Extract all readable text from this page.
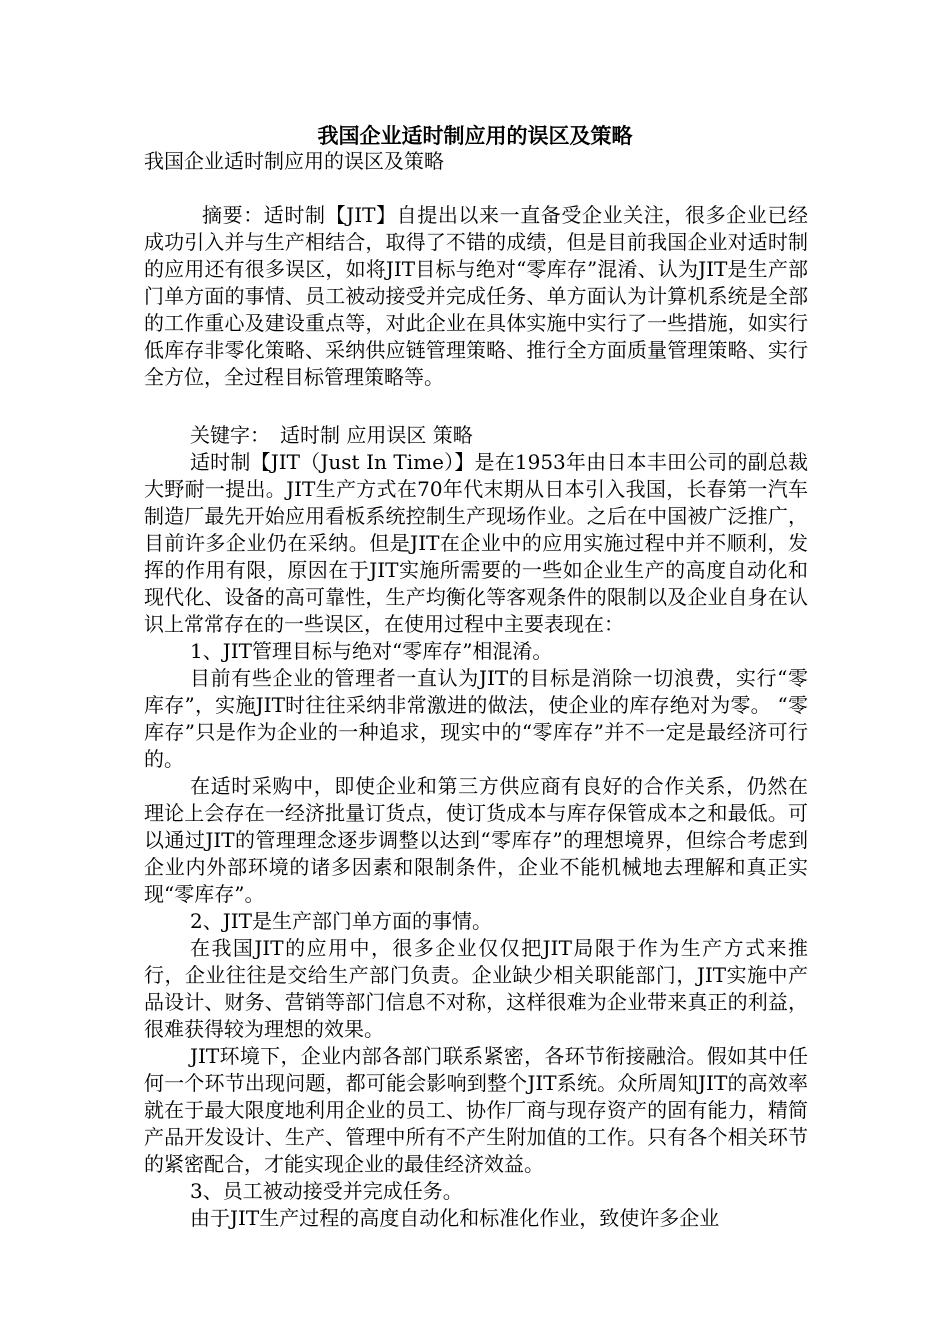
我国企业适时制应用的误区及策略
我国企业适时制应用的误区及策略

摘要：适时制【JIT】自提出以来一直备受企业关注，很多企业已经成功引入并与生产相结合，取得了不错的成绩，但是目前我国企业对适时制的应用还有很多误区，如将JIT目标与绝对“零库存”混淆、认为JIT是生产部门单方面的事情、员工被动接受并完成任务、单方面认为计算机系统是全部的工作重心及建设重点等，对此企业在具体实施中实行了一些措施，如实行低库存非零化策略、采纳供应链管理策略、推行全方面质量管理策略、实行全方位，全过程目标管理策略等。

关键字：　适时制 应用误区 策略

适时制【JIT（Just In Time）】是在1953年由日本丰田公司的副总裁大野耐一提出。JIT生产方式在70年代末期从日本引入我国，长春第一汽车制造厂最先开始应用看板系统控制生产现场作业。之后在中国被广泛推广，目前许多企业仍在采纳。但是JIT在企业中的应用实施过程中并不顺利，发挥的作用有限，原因在于JIT实施所需要的一些如企业生产的高度自动化和现代化、设备的高可靠性，生产均衡化等客观条件的限制以及企业自身在认识上常常存在的一些误区，在使用过程中主要表现在：

1、JIT管理目标与绝对“零库存”相混淆。

目前有些企业的管理者一直认为JIT的目标是消除一切浪费，实行“零库存”，实施JIT时往往采纳非常激进的做法，使企业的库存绝对为零。 “零库存”只是作为企业的一种追求，现实中的“零库存”并不一定是最经济可行的。

在适时采购中，即使企业和第三方供应商有良好的合作关系，仍然在理论上会存在一经济批量订货点，使订货成本与库存保管成本之和最低。可以通过JIT的管理理念逐步调整以达到“零库存”的理想境界，但综合考虑到企业内外部环境的诸多因素和限制条件，企业不能机械地去理解和真正实现“零库存”。

2、JIT是生产部门单方面的事情。

在我国JIT的应用中，很多企业仅仅把JIT局限于作为生产方式来推行，企业往往是交给生产部门负责。企业缺少相关职能部门，JIT实施中产品设计、财务、营销等部门信息不对称，这样很难为企业带来真正的利益，很难获得较为理想的效果。

JIT环境下，企业内部各部门联系紧密，各环节衔接融洽。假如其中任何一个环节出现问题，都可能会影响到整个JIT系统。众所周知JIT的高效率就在于最大限度地利用企业的员工、协作厂商与现存资产的固有能力，精简产品开发设计、生产、管理中所有不产生附加值的工作。只有各个相关环节的紧密配合，才能实现企业的最佳经济效益。

3、员工被动接受并完成任务。

由于JIT生产过程的高度自动化和标准化作业，致使许多企业
